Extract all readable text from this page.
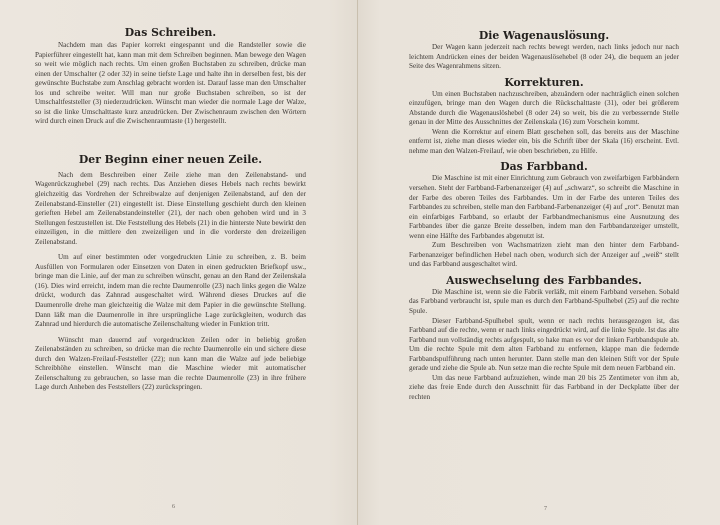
Das Schreiben.

Nachdem man das Papier korrekt eingespannt und die Randsteller sowie die Papierführer eingestellt hat, kann man mit dem Schreiben beginnen. Man bewege den Wagen so weit wie möglich nach rechts. Um einen großen Buchstaben zu schreiben, drücke man einen der Umschalter (2 oder 32) in seine tiefste Lage und halte ihn in derselben fest, bis der gewünschte Buchstabe zum Anschlag gebracht worden ist. Darauf lasse man den Umschalter los und schreibe weiter. Will man nur große Buchstaben schreiben, so ist der Umschaltfeststeller (3) niederzudrücken. Wünscht man wieder die normale Lage der Walze, so ist die linke Umschalttaste kurz anzudrücken. Der Zwischenraum zwischen den Wörtern wird durch einen Druck auf die Zwischenraumtaste (1) hergestellt.

Der Beginn einer neuen Zeile.

Nach dem Beschreiben einer Zeile ziehe man den Zeilenabstand- und Wagenrückzughebel (29) nach rechts. Das Anziehen dieses Hebels nach rechts bewirkt gleichzeitig das Vordrehen der Schreibwalze auf denjenigen Zeilenabstand, auf den der Zeilenabstand-Einsteller (21) eingestellt ist. Diese Einstellung geschieht durch den kleinen gerieften Hebel am Zeilenabstandeinsteller (21), der nach oben gehoben wird und in 3 Stellungen festzustellen ist. Die Feststellung des Hebels (21) in die hinterste Nute bewirkt den einzeiligen, in die mittlere den zweizeiligen und in die vorderste den dreizeiligen Zeilenabstand.

Um auf einer bestimmten oder vorgedruckten Linie zu schreiben, z. B. beim Ausfüllen von Formularen oder Einsetzen von Daten in einen gedruckten Briefkopf usw., bringe man die Linie, auf der man zu schreiben wünscht, genau an den Rand der Zeilenskala (16). Dies wird erreicht, indem man die rechte Daumenrolle (23) nach links gegen die Walze drückt, wodurch das Zahnrad ausgeschaltet wird. Während dieses Druckes auf die Daumenrolle drehe man gleichzeitig die Walze mit dem Papier in die gewünschte Stellung. Dann läßt man die Daumenrolle in ihre ursprüngliche Lage zurückgleiten, wodurch das Zahnrad und hierdurch die automatische Zeilenschaltung wieder in Funktion tritt.

Wünscht man dauernd auf vorgedruckten Zeilen oder in beliebig großen Zeilenabständen zu schreiben, so drücke man die rechte Daumenrolle ein und sichere diese durch den Walzen-Freilauf-Feststeller (22); nun kann man die Walze auf jede beliebige Schreibhöhe einstellen. Wünscht man die Maschine wieder mit automatischer Zeilenschaltung zu gebrauchen, so lasse man die rechte Daumenrolle (23) in ihre frühere Lage durch Anheben des Feststellers (22) zurückspringen.

6
Die Wagenauslösung.

Der Wagen kann jederzeit nach rechts bewegt werden, nach links jedoch nur nach leichtem Andrücken eines der beiden Wagenauslösehebel (8 oder 24), die bequem an jeder Seite des Wagenrahmens sitzen.

Korrekturen.

Um einen Buchstaben nachzuschreiben, abzuändern oder nachträglich einen solchen einzufügen, bringe man den Wagen durch die Rückschalttaste (31), oder bei größerem Abstande durch die Wagenauslöshebel (8 oder 24) so weit, bis die zu verbessernde Stelle genau in der Mitte des Ausschnittes der Zeilenskala (16) zum Vorschein kommt.

Wenn die Korrektur auf einem Blatt geschehen soll, das bereits aus der Maschine entfernt ist, ziehe man dieses wieder ein, bis die Schrift über der Skala (16) erscheint. Evtl. nehme man den Walzen-Freilauf, wie oben beschrieben, zu Hilfe.

Das Farbband.

Die Maschine ist mit einer Einrichtung zum Gebrauch von zweifarbigen Farbbändern versehen. Steht der Farbband-Farbenanzeiger (4) auf „schwarz“, so schreibt die Maschine in der Farbe des oberen Teiles des Farbbandes. Um in der Farbe des unteren Teiles des Farbbandes zu schreiben, stelle man den Farbband-Farbenanzeiger (4) auf „rot“. Benutzt man ein einfarbiges Farbband, so erlaubt der Farbbandmechanismus eine Ausnutzung des Farbbandes über die ganze Breite desselben, indem man den Farbbandanzeiger umstellt, wenn eine Hälfte des Farbbandes abgenutzt ist.

Zum Beschreiben von Wachsmatrizen zieht man den hinter dem Farbband-Farbenanzeiger befindlichen Hebel nach oben, wodurch sich der Anzeiger auf „weiß“ stellt und das Farbband ausgeschaltet wird.

Auswechselung des Farbbandes.

Die Maschine ist, wenn sie die Fabrik verläßt, mit einem Farbband versehen. Sobald das Farbband verbraucht ist, spule man es durch den Farbband-Spulhebel (25) auf die rechte Spule.

Dieser Farbband-Spulhebel spult, wenn er nach rechts herausgezogen ist, das Farbband auf die rechte, wenn er nach links eingedrückt wird, auf die linke Spule. Ist das alte Farbband nun vollständig rechts aufgespult, so hake man es vor der linken Farbbandspule ab. Um die rechte Spule mit dem alten Farbband zu entfernen, klappe man die federnde Farbbandspulführung nach unten herunter. Dann stelle man den kleinen Stift vor der Spule gerade und ziehe die Spule ab. Nun setze man die rechte Spule mit dem neuen Farbband ein.

Um das neue Farbband aufzuziehen, winde man 20 bis 25 Zentimeter von ihm ab, ziehe das freie Ende durch den Ausschnitt für das Farbband in der Deckplatte über der rechten

7
